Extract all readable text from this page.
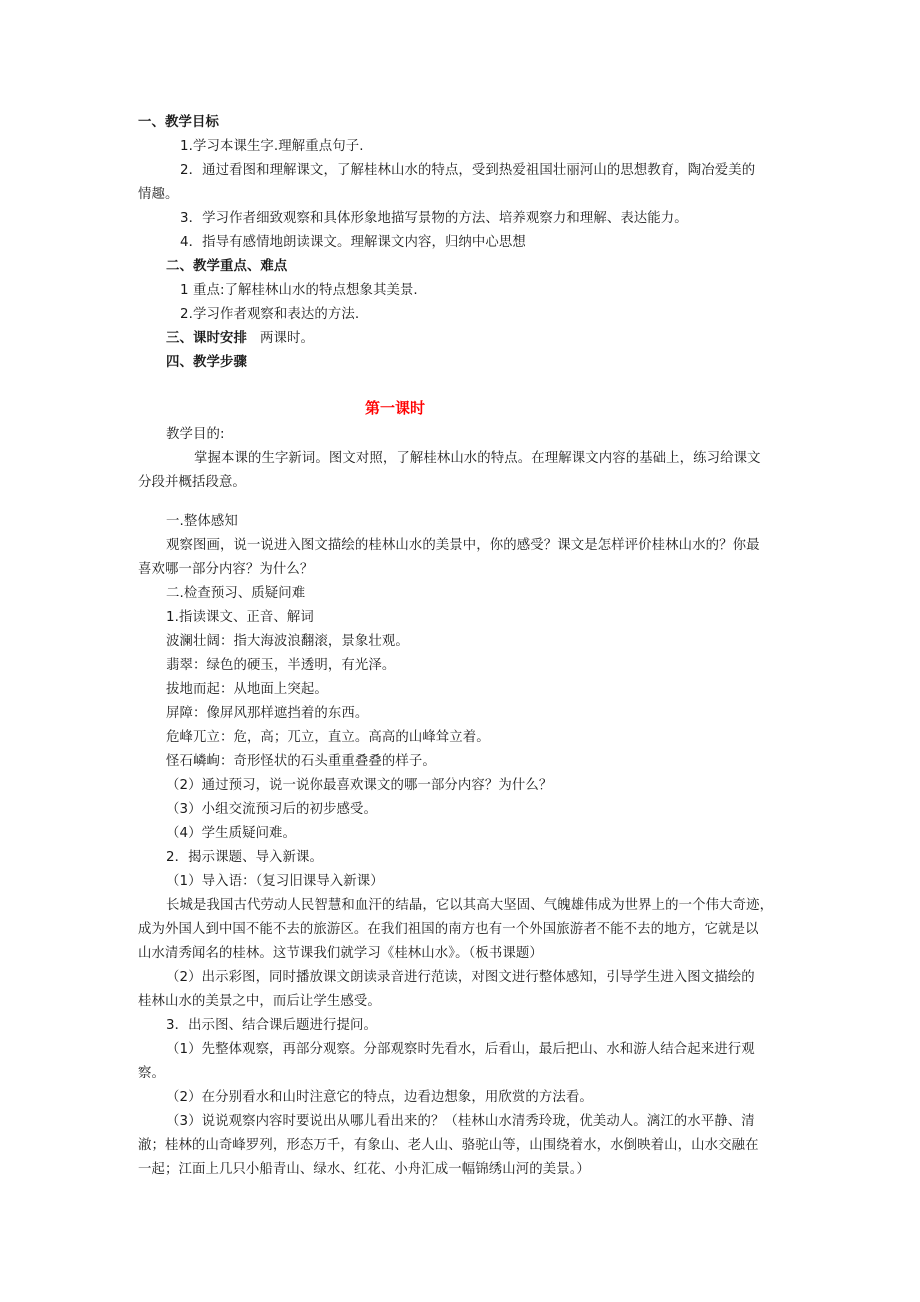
一、教学目标
1.学习本课生字.理解重点句子.
2．通过看图和理解课文，了解桂林山水的特点，受到热爱祖国壮丽河山的思想教育，陶冶爱美的
情趣。
3．学习作者细致观察和具体形象地描写景物的方法、培养观察力和理解、表达能力。
4．指导有感情地朗读课文。理解课文内容，归纳中心思想
二、教学重点、难点
1 重点:了解桂林山水的特点想象其美景.
2.学习作者观察和表达的方法.
三、课时安排 两课时。
四、教学步骤
第一课时
教学目的:
掌握本课的生字新词。图文对照，了解桂林山水的特点。在理解课文内容的基础上，练习给课文
分段并概括段意。
一.整体感知
观察图画，说一说进入图文描绘的桂林山水的美景中，你的感受？课文是怎样评价桂林山水的？你最
喜欢哪一部分内容？为什么？
二.检查预习、质疑问难
1.指读课文、正音、解词
波澜壮阔：指大海波浪翻滚，景象壮观。
翡翠：绿色的硬玉，半透明，有光泽。
拔地而起：从地面上突起。
屏障：像屏风那样遮挡着的东西。
危峰兀立：危，高；兀立，直立。高高的山峰耸立着。
怪石嶙峋：奇形怪状的石头重重叠叠的样子。
（2）通过预习，说一说你最喜欢课文的哪一部分内容？为什么？
（3）小组交流预习后的初步感受。
（4）学生质疑问难。
2．揭示课题、导入新课。
（1）导入语：（复习旧课导入新课）
长城是我国古代劳动人民智慧和血汗的结晶，它以其高大坚固、气魄雄伟成为世界上的一个伟大奇迹，
成为外国人到中国不能不去的旅游区。在我们祖国的南方也有一个外国旅游者不能不去的地方，它就是以
山水清秀闻名的桂林。这节课我们就学习《桂林山水》。（板书课题）
（2）出示彩图，同时播放课文朗读录音进行范读，对图文进行整体感知，引导学生进入图文描绘的
桂林山水的美景之中，而后让学生感受。
3．出示图、结合课后题进行提问。
（1）先整体观察，再部分观察。分部观察时先看水，后看山，最后把山、水和游人结合起来进行观
察。
（2）在分别看水和山时注意它的特点，边看边想象，用欣赏的方法看。
（3）说说观察内容时要说出从哪儿看出来的？（桂林山水清秀玲珑，优美动人。漓江的水平静、清
澈；桂林的山奇峰罗列，形态万千，有象山、老人山、骆驼山等，山围绕着水，水倒映着山，山水交融在
一起；江面上几只小船青山、绿水、红花、小舟汇成一幅锦绣山河的美景。）
